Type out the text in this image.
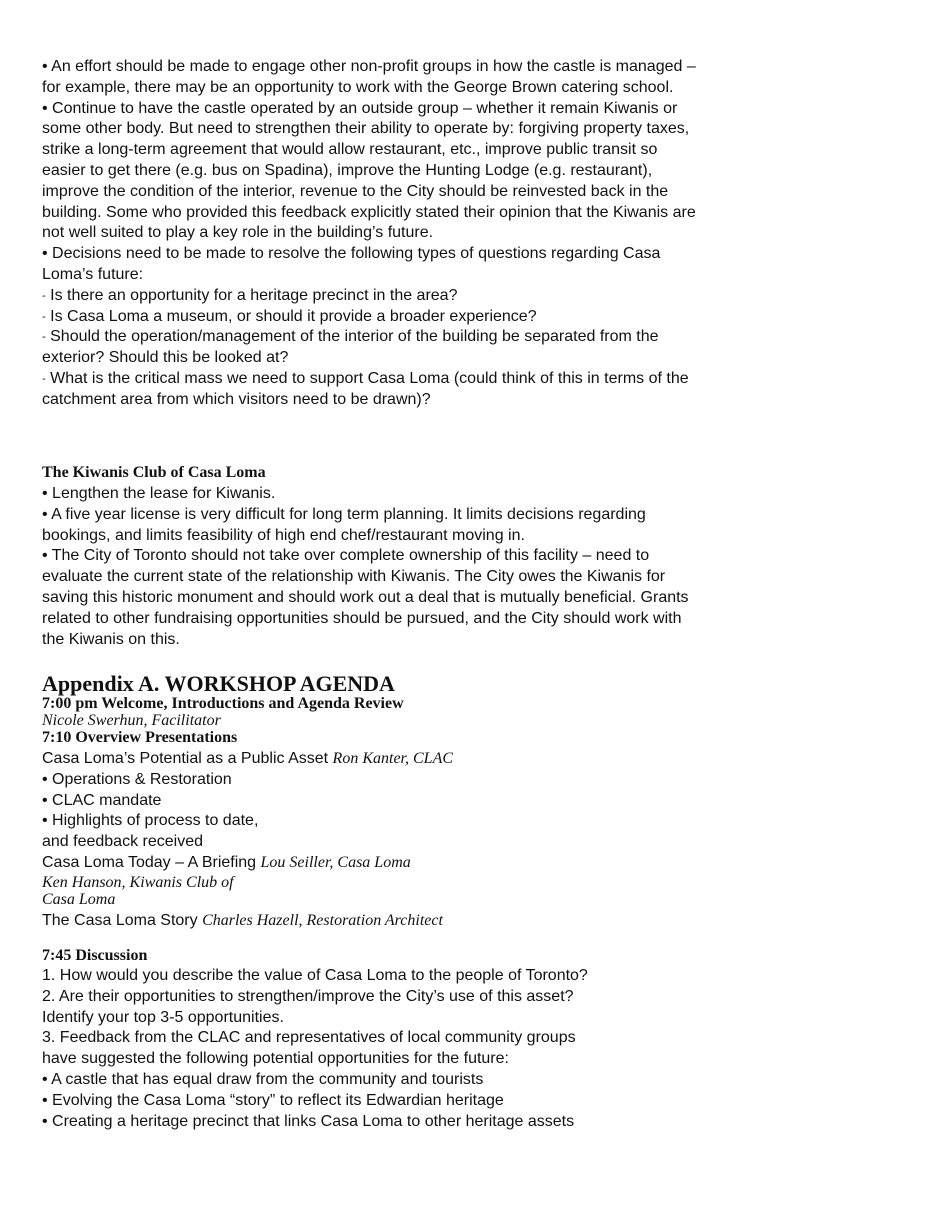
• An effort should be made to engage other non-profit groups in how the castle is managed – for example, there may be an opportunity to work with the George Brown catering school.

• Continue to have the castle operated by an outside group – whether it remain Kiwanis or some other body. But need to strengthen their ability to operate by: forgiving property taxes, strike a long-term agreement that would allow restaurant, etc., improve public transit so easier to get there (e.g. bus on Spadina), improve the Hunting Lodge (e.g. restaurant), improve the condition of the interior, revenue to the City should be reinvested back in the building. Some who provided this feedback explicitly stated their opinion that the Kiwanis are not well suited to play a key role in the building’s future.

• Decisions need to be made to resolve the following types of questions regarding Casa Loma’s future:

- Is there an opportunity for a heritage precinct in the area?

- Is Casa Loma a museum, or should it provide a broader experience?

- Should the operation/management of the interior of the building be separated from the exterior? Should this be looked at?

- What is the critical mass we need to support Casa Loma (could think of this in terms of the catchment area from which visitors need to be drawn)?

The Kiwanis Club of Casa Loma

• Lengthen the lease for Kiwanis.

• A five year license is very difficult for long term planning. It limits decisions regarding bookings, and limits feasibility of high end chef/restaurant moving in.

• The City of Toronto should not take over complete ownership of this facility – need to evaluate the current state of the relationship with Kiwanis. The City owes the Kiwanis for saving this historic monument and should work out a deal that is mutually beneficial. Grants related to other fundraising opportunities should be pursued, and the City should work with the Kiwanis on this.

Appendix A. WORKSHOP AGENDA
7:00 pm Welcome, Introductions and Agenda Review
Nicole Swerhun, Facilitator
7:10 Overview Presentations

Casa Loma’s Potential as a Public Asset Ron Kanter, CLAC

• Operations & Restoration

• CLAC mandate

• Highlights of process to date,

and feedback received

Casa Loma Today – A Briefing Lou Seiller, Casa Loma

Ken Hanson, Kiwanis Club of
Casa Loma

The Casa Loma Story Charles Hazell, Restoration Architect

7:45 Discussion

1. How would you describe the value of Casa Loma to the people of Toronto?

2. Are their opportunities to strengthen/improve the City’s use of this asset?

Identify your top 3-5 opportunities.

3. Feedback from the CLAC and representatives of local community groups

have suggested the following potential opportunities for the future:

• A castle that has equal draw from the community and tourists

• Evolving the Casa Loma “story” to reflect its Edwardian heritage

• Creating a heritage precinct that links Casa Loma to other heritage assets
